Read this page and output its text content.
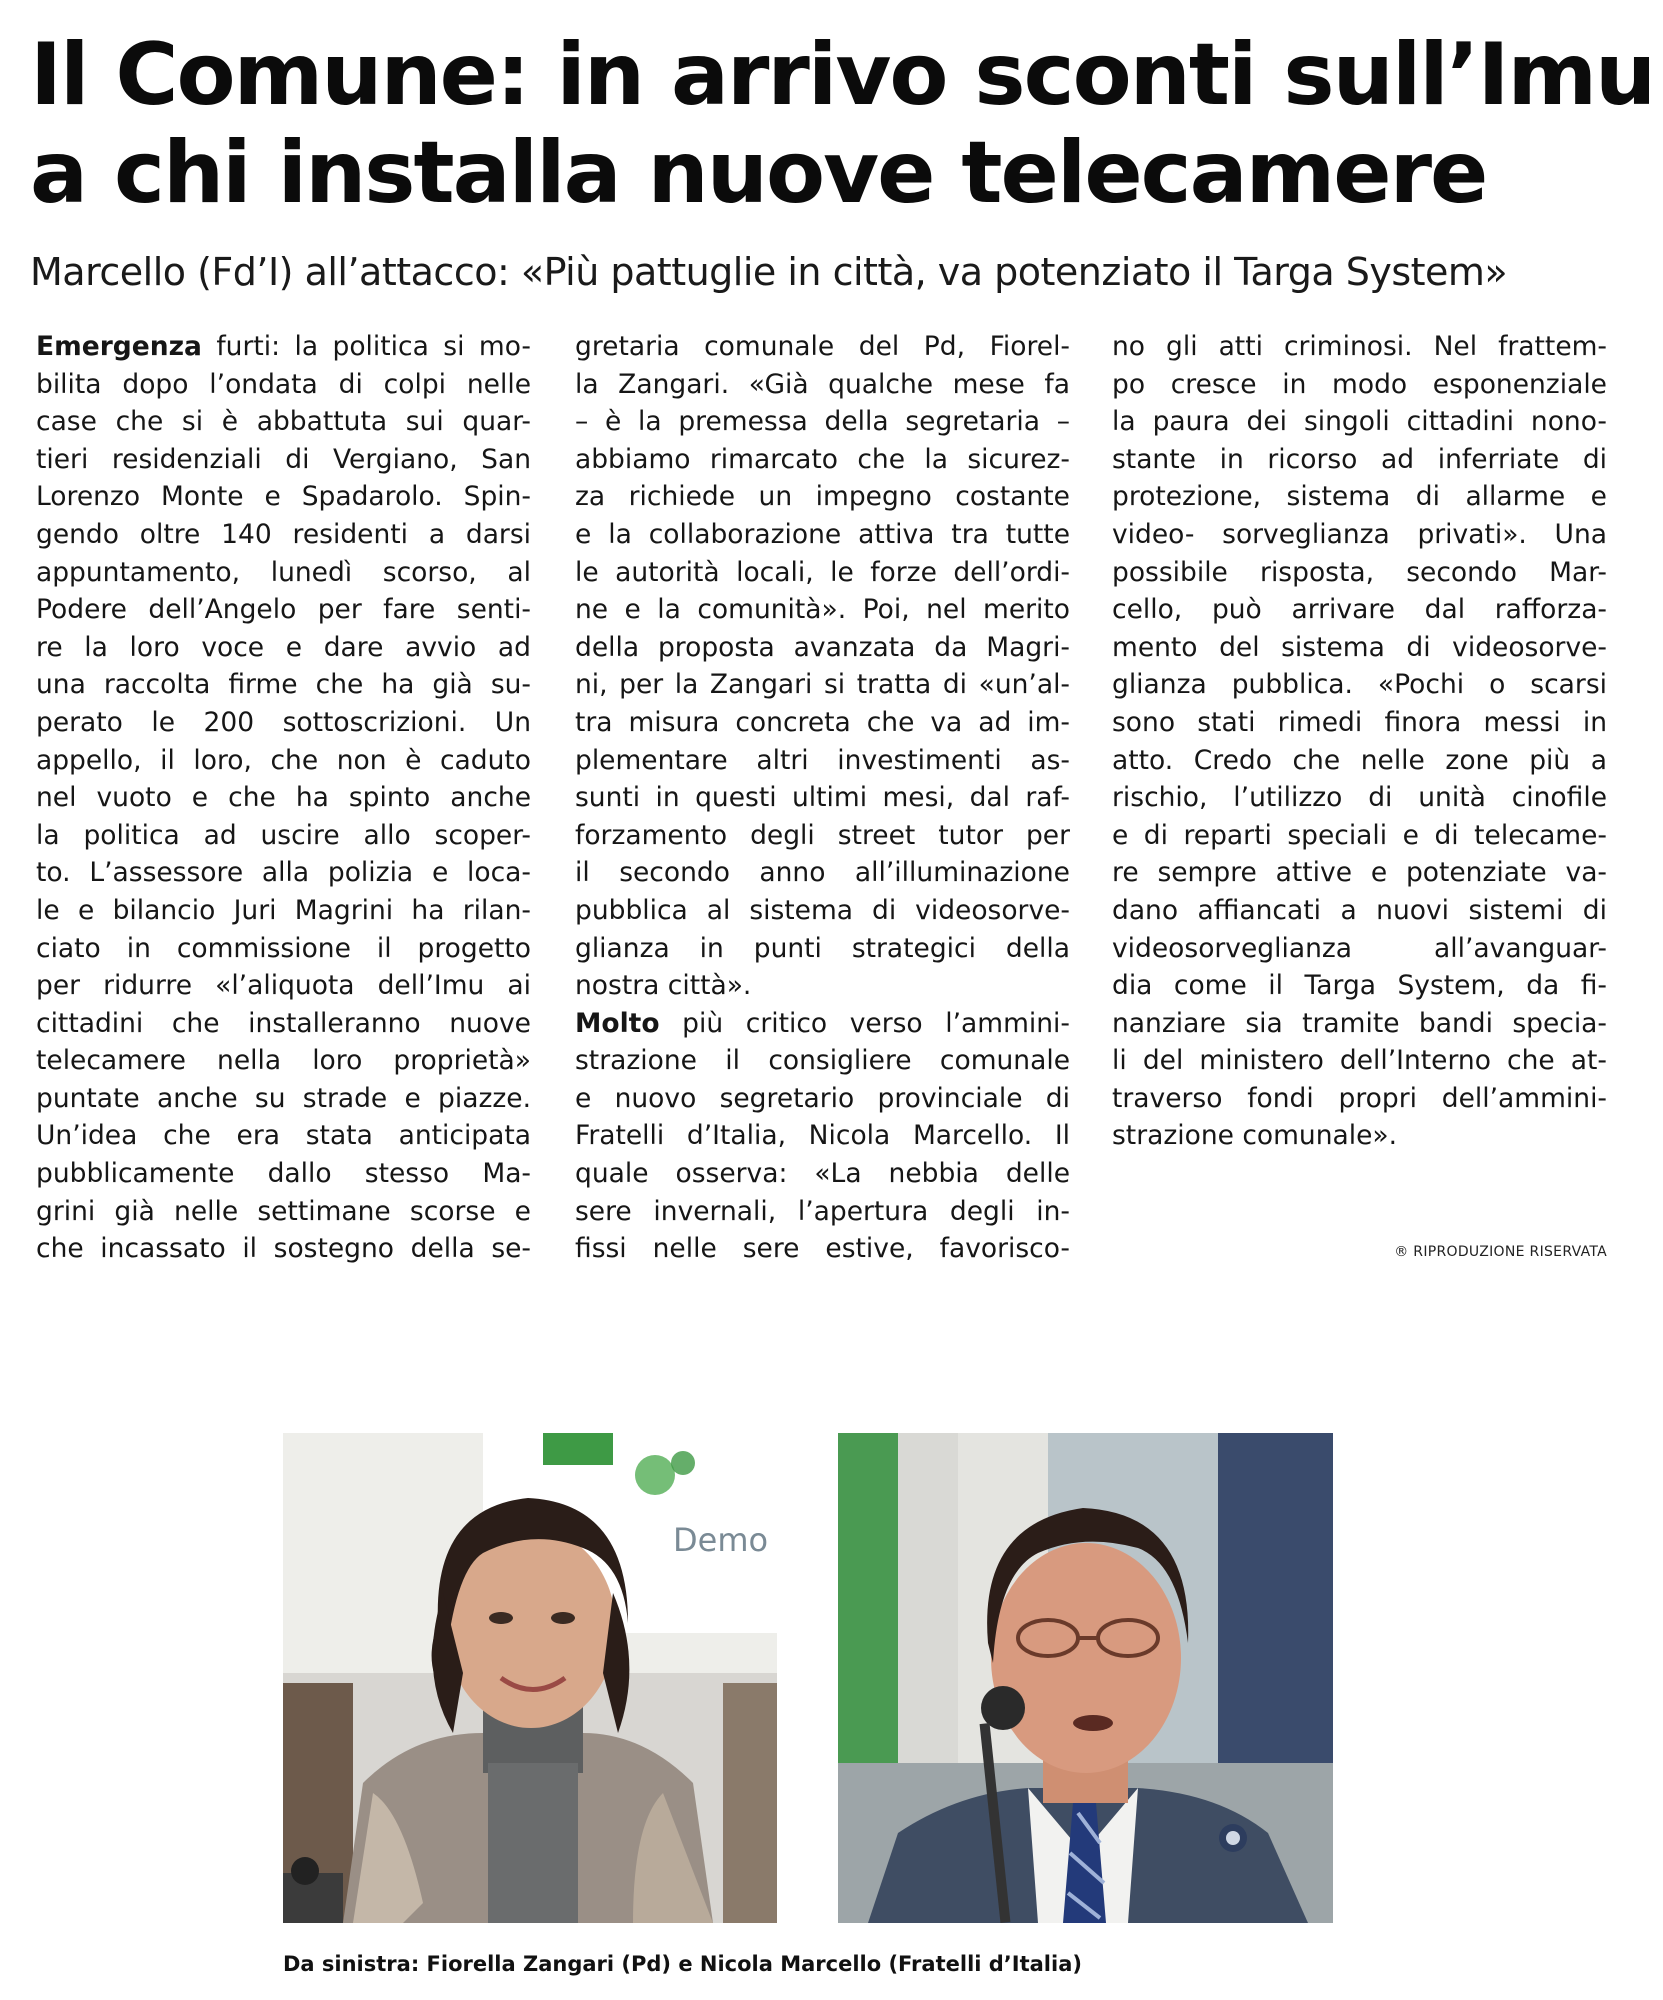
Il Comune: in arrivo sconti sull’Imu
a chi installa nuove telecamere

Marcello (Fd’I) all’attacco: «Più pattuglie in città, va potenziato il Targa System»

Emergenza furti: la politica si mo-
bilita dopo l’ondata di colpi nelle
case che si è abbattuta sui quar-
tieri residenziali di Vergiano, San
Lorenzo Monte e Spadarolo. Spin-
gendo oltre 140 residenti a darsi
appuntamento, lunedì scorso, al
Podere dell’Angelo per fare senti-
re la loro voce e dare avvio ad
una raccolta firme che ha già su-
perato le 200 sottoscrizioni. Un
appello, il loro, che non è caduto
nel vuoto e che ha spinto anche
la politica ad uscire allo scoper-
to. L’assessore alla polizia e loca-
le e bilancio Juri Magrini ha rilan-
ciato in commissione il progetto
per ridurre «l’aliquota dell’Imu ai
cittadini che installeranno nuove
telecamere nella loro proprietà»
puntate anche su strade e piazze.
Un’idea che era stata anticipata
pubblicamente dallo stesso Ma-
grini già nelle settimane scorse e
che incassato il sostegno della se-
gretaria comunale del Pd, Fiorel-
la Zangari. «Già qualche mese fa
– è la premessa della segretaria –
abbiamo rimarcato che la sicurez-
za richiede un impegno costante
e la collaborazione attiva tra tutte
le autorità locali, le forze dell’ordi-
ne e la comunità». Poi, nel merito
della proposta avanzata da Magri-
ni, per la Zangari si tratta di «un’al-
tra misura concreta che va ad im-
plementare altri investimenti as-
sunti in questi ultimi mesi, dal raf-
forzamento degli street tutor per
il secondo anno all’illuminazione
pubblica al sistema di videosorve-
glianza in punti strategici della
nostra città».
Molto più critico verso l’ammini-
strazione il consigliere comunale
e nuovo segretario provinciale di
Fratelli d’Italia, Nicola Marcello. Il
quale osserva: «La nebbia delle
sere invernali, l’apertura degli in-
fissi nelle sere estive, favorisco-
no gli atti criminosi. Nel frattem-
po cresce in modo esponenziale
la paura dei singoli cittadini nono-
stante in ricorso ad inferriate di
protezione, sistema di allarme e
video- sorveglianza privati». Una
possibile risposta, secondo Mar-
cello, può arrivare dal rafforza-
mento del sistema di videosorve-
glianza pubblica. «Pochi o scarsi
sono stati rimedi finora messi in
atto. Credo che nelle zone più a
rischio, l’utilizzo di unità cinofile
e di reparti speciali e di telecame-
re sempre attive e potenziate va-
dano affiancati a nuovi sistemi di
videosorveglianza all’avanguar-
dia come il Targa System, da fi-
nanziare sia tramite bandi specia-
li del ministero dell’Interno che at-
traverso fondi propri dell’ammini-
strazione comunale».
® RIPRODUZIONE RISERVATA
Demo
Da sinistra: Fiorella Zangari (Pd) e Nicola Marcello (Fratelli d’Italia)
